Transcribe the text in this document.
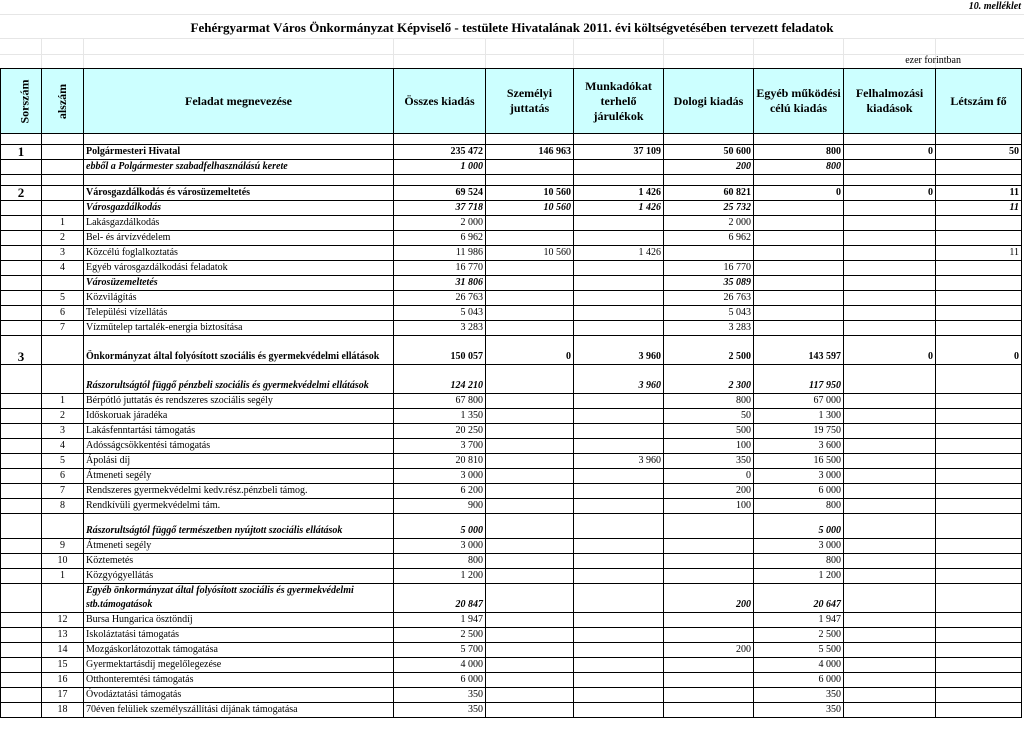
10. melléklet
Fehérgyarmat Város Önkormányzat Képviselő - testülete Hivatalának 2011. évi költségvetésében tervezett feladatok
ezer forintban
Sorszám	alszám	Feladat megnevezése	Összes kiadás	Személyi juttatás	Munkadókat terhelő járulékok	Dologi kiadás	Egyéb működési célú kiadás	Felhalmozási kiadások	Létszám fő

1		Polgármesteri Hivatal	235 472	146 963	37 109	50 600	800	0	50
		ebből a Polgármester szabadfelhasználású kerete	1 000			200	800		

2		Városgazdálkodás és városüzemeltetés	69 524	10 560	1 426	60 821	0	0	11
		Városgazdálkodás	37 718	10 560	1 426	25 732			11
	1	Lakásgazdálkodás	2 000			2 000			
	2	Bel- és árvízvédelem	6 962			6 962			
	3	Közcélú foglalkoztatás	11 986	10 560	1 426				11
	4	Egyéb városgazdálkodási feladatok	16 770			16 770			
		Városüzemeltetés	31 806			35 089			
	5	Közvilágítás	26 763			26 763			
	6	Települési vízellátás	5 043			5 043			
	7	Vízműtelep tartalék-energia biztosítása	3 283			3 283			
3		Önkormányzat által folyósított szociális és gyermekvédelmi ellátások	150 057	0	3 960	2 500	143 597	0	0
		Rászorultságtól függő pénzbeli szociális és gyermekvédelmi ellátások	124 210		3 960	2 300	117 950		
	1	Bérpótló juttatás és rendszeres szociális segély	67 800			800	67 000		
	2	Időskoruak járadéka	1 350			50	1 300		
	3	Lakásfenntartási támogatás	20 250			500	19 750		
	4	Adósságcsökkentési támogatás	3 700			100	3 600		
	5	Ápolási díj	20 810		3 960	350	16 500		
	6	Átmeneti segély	3 000			0	3 000		
	7	Rendszeres gyermekvédelmi kedv.rész.pénzbeli támog.	6 200			200	6 000		
	8	Rendkívüli gyermekvédelmi tám.	900			100	800		
		Rászorultságtól függő természetben nyújtott szociális ellátások	5 000				5 000		
	9	Átmeneti segély	3 000				3 000		
	10	Köztemetés	800				800		
	1	Közgyógyellátás	1 200				1 200		
		Egyéb önkormányzat által folyósított szociális és gyermekvédelmi stb.támogatások	20 847			200	20 647		
	12	Bursa Hungarica ösztöndíj	1 947				1 947		
	13	Iskoláztatási támogatás	2 500				2 500		
	14	Mozgáskorlátozottak támogatása	5 700			200	5 500		
	15	Gyermektartásdíj megelőlegezése	4 000				4 000		
	16	Otthonteremtési támogatás	6 000				6 000		
	17	Óvodáztatási támogatás	350				350		
	18	70éven felüliek személyszállítási díjának támogatása	350				350		
